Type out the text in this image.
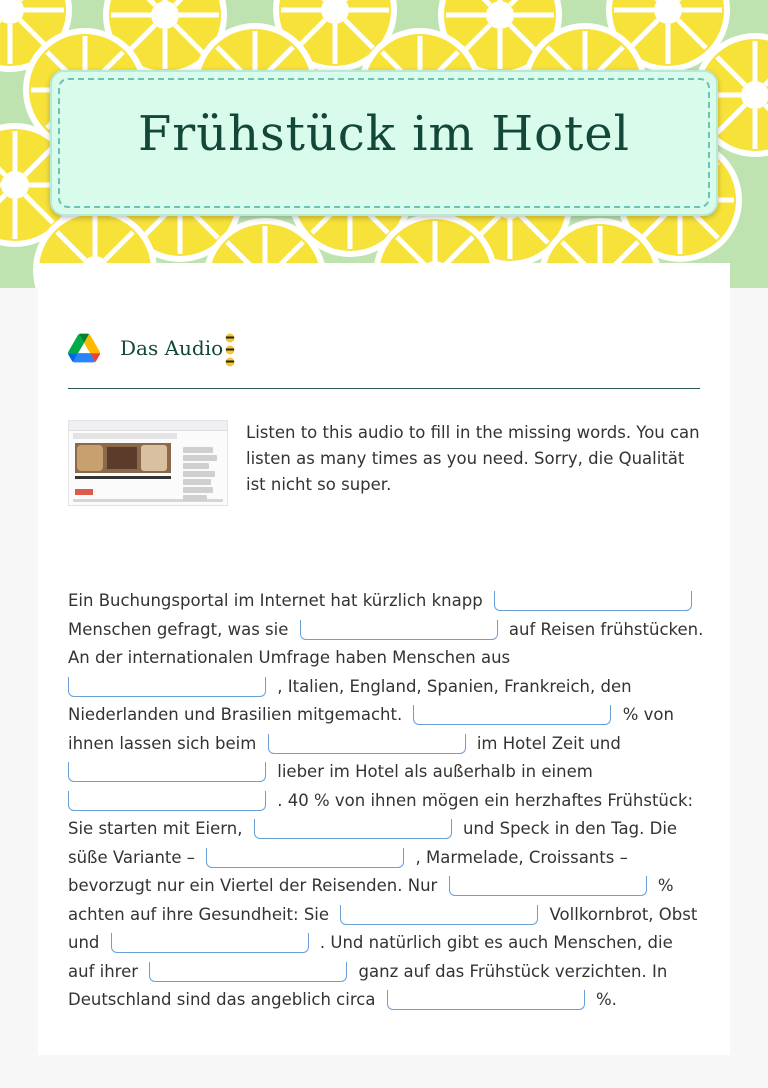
Frühstück im Hotel
Das Audio
Listen to this audio to fill in the missing words. You can listen as many times as you need. Sorry, die Qualität ist nicht so super.
Ein Buchungsportal im Internet hat kürzlich knapp  Menschen gefragt, was sie	auf Reisen frühstücken. An der internationalen Umfrage haben Menschen aus  , Italien, England, Spanien, Frankreich, den Niederlanden und Brasilien mitgemacht.	% von ihnen lassen sich beim	im Hotel Zeit und  lieber im Hotel als außerhalb in einem  . 40 % von ihnen mögen ein herzhaftes Frühstück: Sie starten mit Eiern,	und Speck in den Tag. Die süße Variante –	, Marmelade, Croissants – bevorzugt nur ein Viertel der Reisenden. Nur	% achten auf ihre Gesundheit: Sie	Vollkornbrot, Obst und	. Und natürlich gibt es auch Menschen, die auf ihrer	ganz auf das Frühstück verzichten. In Deutschland sind das angeblich circa	%.
